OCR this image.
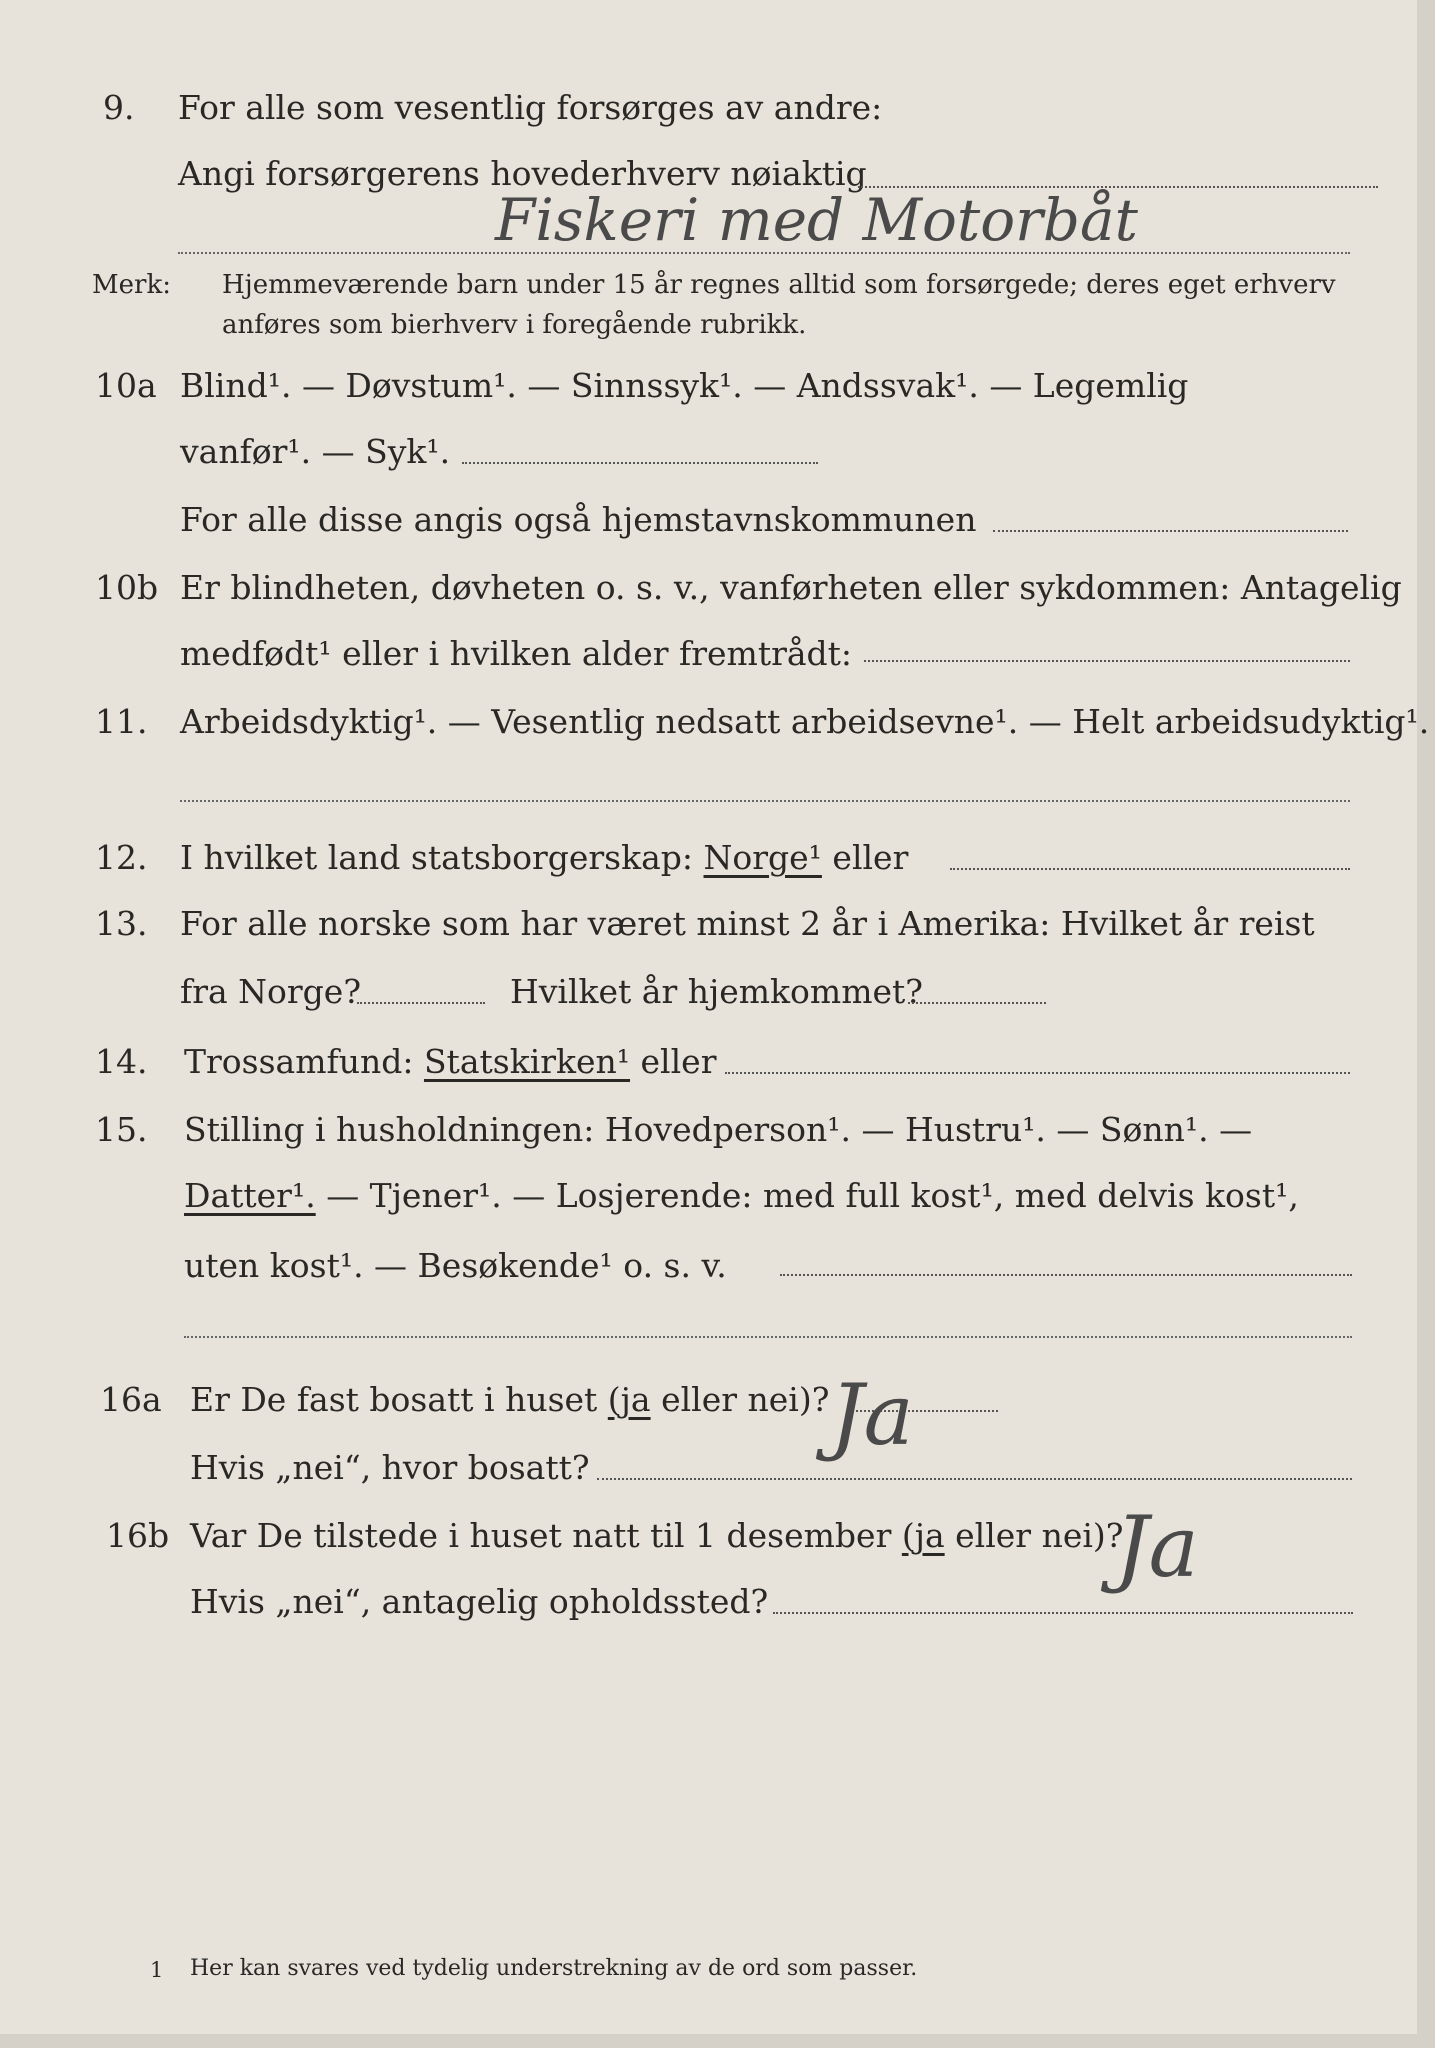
9. For alle som vesentlig forsørges av andre:
Angi forsørgerens hovederhverv nøiaktig
Fiskeri med Motorbåt
Merk: Hjemmeværende barn under 15 år regnes alltid som forsørgede; deres eget erhverv
anføres som bierhverv i foregående rubrikk.
10a Blind¹. — Døvstum¹. — Sinnssyk¹. — Andssvak¹. — Legemlig
vanfør¹. — Syk¹.
For alle disse angis også hjemstavnskommunen
10b Er blindheten, døvheten o. s. v., vanførheten eller sykdommen: Antagelig
medfødt¹ eller i hvilken alder fremtrådt:
11. Arbeidsdyktig¹. — Vesentlig nedsatt arbeidsevne¹. — Helt arbeidsudyktig¹.
12. I hvilket land statsborgerskap: Norge¹ eller
13. For alle norske som har været minst 2 år i Amerika: Hvilket år reist
fra Norge?	Hvilket år hjemkommet?
14. Trossamfund: Statskirken¹ eller
15. Stilling i husholdningen: Hovedperson¹. — Hustru¹. — Sønn¹. —
Datter¹. — Tjener¹. — Losjerende: med full kost¹, med delvis kost¹,
uten kost¹. — Besøkende¹ o. s. v.
16a Er De fast bosatt i huset (ja eller nei)? Ja
Hvis „nei“, hvor bosatt?
16b Var De tilstede i huset natt til 1 desember (ja eller nei)?
Ja
Hvis „nei“, antagelig opholdssted?
1 Her kan svares ved tydelig understrekning av de ord som passer.
